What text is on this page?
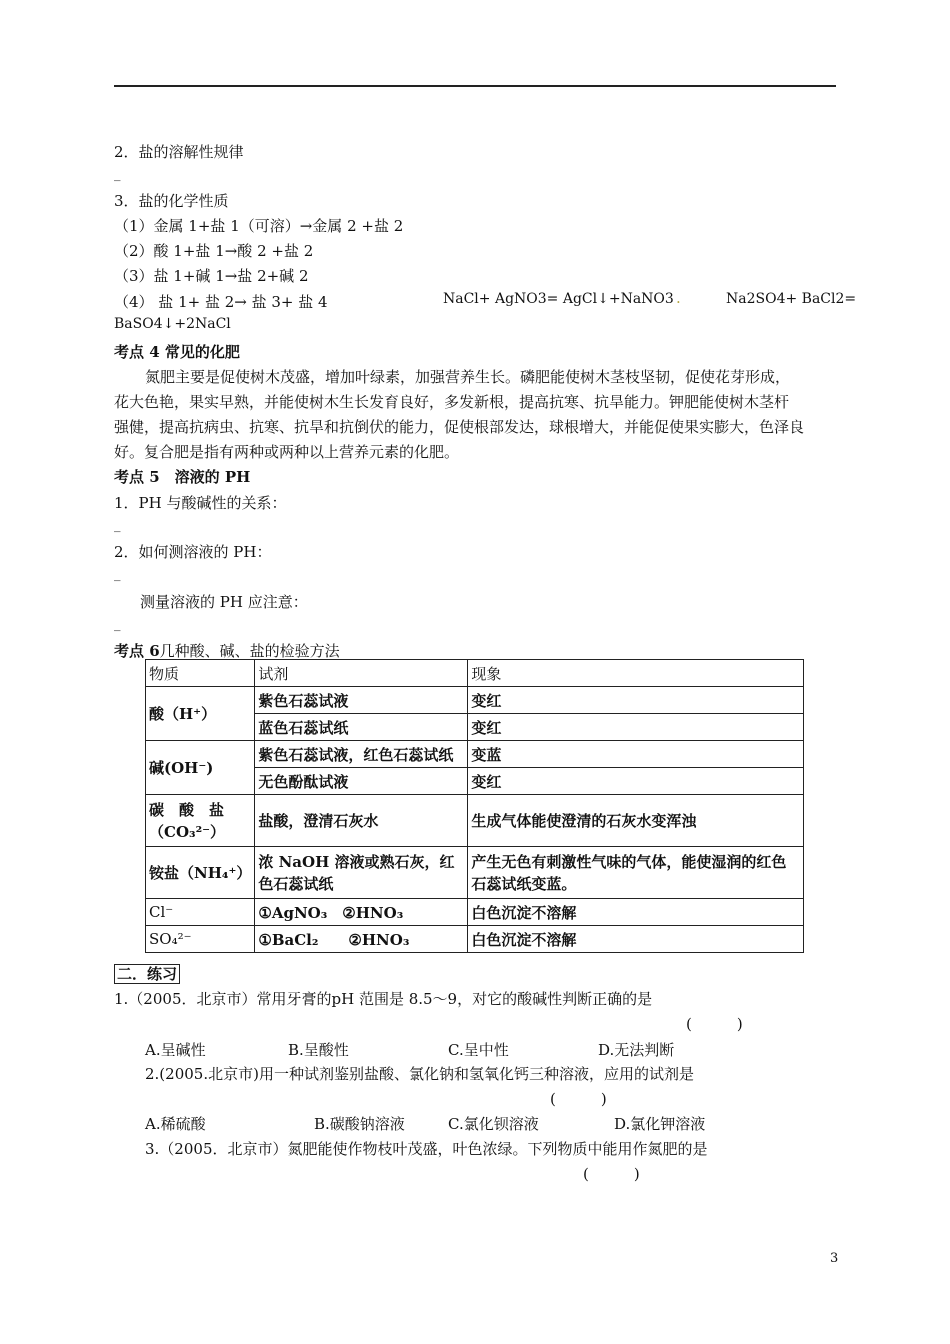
2．盐的溶解性规律
_
3．盐的化学性质
（1）金属 1+盐 1（可溶）→金属 2 +盐 2
（2）酸 1+盐 1→酸 2 +盐 2
（3）盐 1+碱 1→盐 2+碱 2
（4） 盐 1+ 盐 2→ 盐 3+ 盐 4	NaCl+ AgNO3= AgCl↓+NaNO3 .	Na2SO4+ BaCl2=
BaSO4↓+2NaCl
考点 4 常见的化肥
氮肥主要是促使树木茂盛，增加叶绿素，加强营养生长。磷肥能使树木茎枝坚韧，促使花芽形成，
花大色艳，果实早熟，并能使树木生长发育良好，多发新根，提高抗寒、抗旱能力。钾肥能使树木茎杆
强健，提高抗病虫、抗寒、抗旱和抗倒伏的能力，促使根部发达，球根增大，并能促使果实膨大，色泽良
好。复合肥是指有两种或两种以上营养元素的化肥。
考点 5　溶液的 PH
1．PH 与酸碱性的关系：
_
2．如何测溶液的 PH：
_
测量溶液的 PH 应注意：
_
考点 6几种酸、碱、盐的检验方法
物质	试剂	现象
酸（H⁺）	紫色石蕊试液	变红
	蓝色石蕊试纸	变红
碱(OH⁻)	紫色石蕊试液，红色石蕊试纸	变蓝
	无色酚酞试液	变红

碳　酸　盐
（CO₃²⁻）	盐酸，澄清石灰水	生成气体能使澄清的石灰水变浑浊
铵盐（NH₄⁺）	浓 NaOH 溶液或熟石灰，红色石蕊试纸	产生无色有刺激性气味的气体，能使湿润的红色石蕊试纸变蓝。
Cl⁻	①AgNO₃　②HNO₃	白色沉淀不溶解
SO₄²⁻	①BaCl₂　　②HNO₃	白色沉淀不溶解
二．练习
1.（2005．北京市）常用牙膏的pH 范围是 8.5～9，对它的酸碱性判断正确的是
(　　　)
A.呈碱性	B.呈酸性	C.呈中性	D.无法判断
2.(2005.北京市)用一种试剂鉴别盐酸、氯化钠和氢氧化钙三种溶液，应用的试剂是
(　　　)
A.稀硫酸	B.碳酸钠溶液	C.氯化钡溶液	D.氯化钾溶液
3.（2005．北京市）氮肥能使作物枝叶茂盛，叶色浓绿。下列物质中能用作氮肥的是
(　　　)
3
